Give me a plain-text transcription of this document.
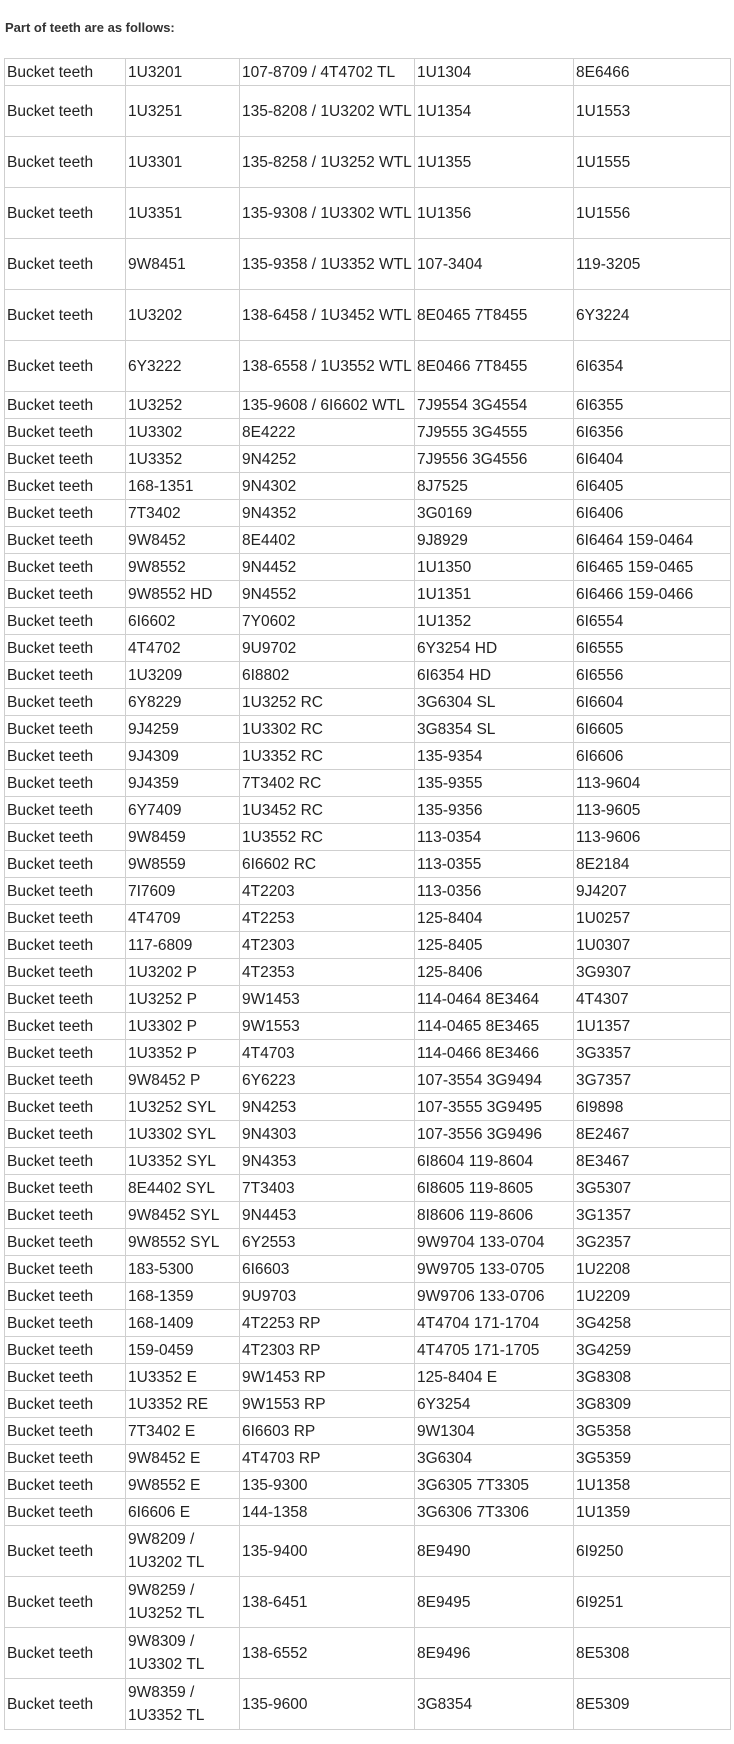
Part of teeth are as follows:

Bucket teeth	1U3201	107-8709 / 4T4702 TL	1U1304	8E6466
Bucket teeth	1U3251	135-8208 / 1U3202 WTL	1U1354	1U1553
Bucket teeth	1U3301	135-8258 / 1U3252 WTL	1U1355	1U1555
Bucket teeth	1U3351	135-9308 / 1U3302 WTL	1U1356	1U1556
Bucket teeth	9W8451	135-9358 / 1U3352 WTL	107-3404	119-3205
Bucket teeth	1U3202	138-6458 / 1U3452 WTL	8E0465 7T8455	6Y3224
Bucket teeth	6Y3222	138-6558 / 1U3552 WTL	8E0466 7T8455	6I6354
Bucket teeth	1U3252	135-9608 / 6I6602 WTL	7J9554 3G4554	6I6355
Bucket teeth	1U3302	8E4222	7J9555 3G4555	6I6356
Bucket teeth	1U3352	9N4252	7J9556 3G4556	6I6404
Bucket teeth	168-1351	9N4302	8J7525	6I6405
Bucket teeth	7T3402	9N4352	3G0169	6I6406
Bucket teeth	9W8452	8E4402	9J8929	6I6464 159-0464
Bucket teeth	9W8552	9N4452	1U1350	6I6465 159-0465
Bucket teeth	9W8552 HD	9N4552	1U1351	6I6466 159-0466
Bucket teeth	6I6602	7Y0602	1U1352	6I6554
Bucket teeth	4T4702	9U9702	6Y3254 HD	6I6555
Bucket teeth	1U3209	6I8802	6I6354 HD	6I6556
Bucket teeth	6Y8229	1U3252 RC	3G6304 SL	6I6604
Bucket teeth	9J4259	1U3302 RC	3G8354 SL	6I6605
Bucket teeth	9J4309	1U3352 RC	135-9354	6I6606
Bucket teeth	9J4359	7T3402 RC	135-9355	113-9604
Bucket teeth	6Y7409	1U3452 RC	135-9356	113-9605
Bucket teeth	9W8459	1U3552 RC	113-0354	113-9606
Bucket teeth	9W8559	6I6602 RC	113-0355	8E2184
Bucket teeth	7I7609	4T2203	113-0356	9J4207
Bucket teeth	4T4709	4T2253	125-8404	1U0257
Bucket teeth	117-6809	4T2303	125-8405	1U0307
Bucket teeth	1U3202 P	4T2353	125-8406	3G9307
Bucket teeth	1U3252 P	9W1453	114-0464 8E3464	4T4307
Bucket teeth	1U3302 P	9W1553	114-0465 8E3465	1U1357
Bucket teeth	1U3352 P	4T4703	114-0466 8E3466	3G3357
Bucket teeth	9W8452 P	6Y6223	107-3554 3G9494	3G7357
Bucket teeth	1U3252 SYL	9N4253	107-3555 3G9495	6I9898
Bucket teeth	1U3302 SYL	9N4303	107-3556 3G9496	8E2467
Bucket teeth	1U3352 SYL	9N4353	6I8604 119-8604	8E3467
Bucket teeth	8E4402 SYL	7T3403	6I8605 119-8605	3G5307
Bucket teeth	9W8452 SYL	9N4453	8I8606 119-8606	3G1357
Bucket teeth	9W8552 SYL	6Y2553	9W9704 133-0704	3G2357
Bucket teeth	183-5300	6I6603	9W9705 133-0705	1U2208
Bucket teeth	168-1359	9U9703	9W9706 133-0706	1U2209
Bucket teeth	168-1409	4T2253 RP	4T4704 171-1704	3G4258
Bucket teeth	159-0459	4T2303 RP	4T4705 171-1705	3G4259
Bucket teeth	1U3352 E	9W1453 RP	125-8404 E	3G8308
Bucket teeth	1U3352 RE	9W1553 RP	6Y3254	3G8309
Bucket teeth	7T3402 E	6I6603 RP	9W1304	3G5358
Bucket teeth	9W8452 E	4T4703 RP	3G6304	3G5359
Bucket teeth	9W8552 E	135-9300	3G6305 7T3305	1U1358
Bucket teeth	6I6606 E	144-1358	3G6306 7T3306	1U1359
Bucket teeth	9W8209 / 1U3202 TL	135-9400	8E9490	6I9250
Bucket teeth	9W8259 / 1U3252 TL	138-6451	8E9495	6I9251
Bucket teeth	9W8309 / 1U3302 TL	138-6552	8E9496	8E5308
Bucket teeth	9W8359 / 1U3352 TL	135-9600	3G8354	8E5309
